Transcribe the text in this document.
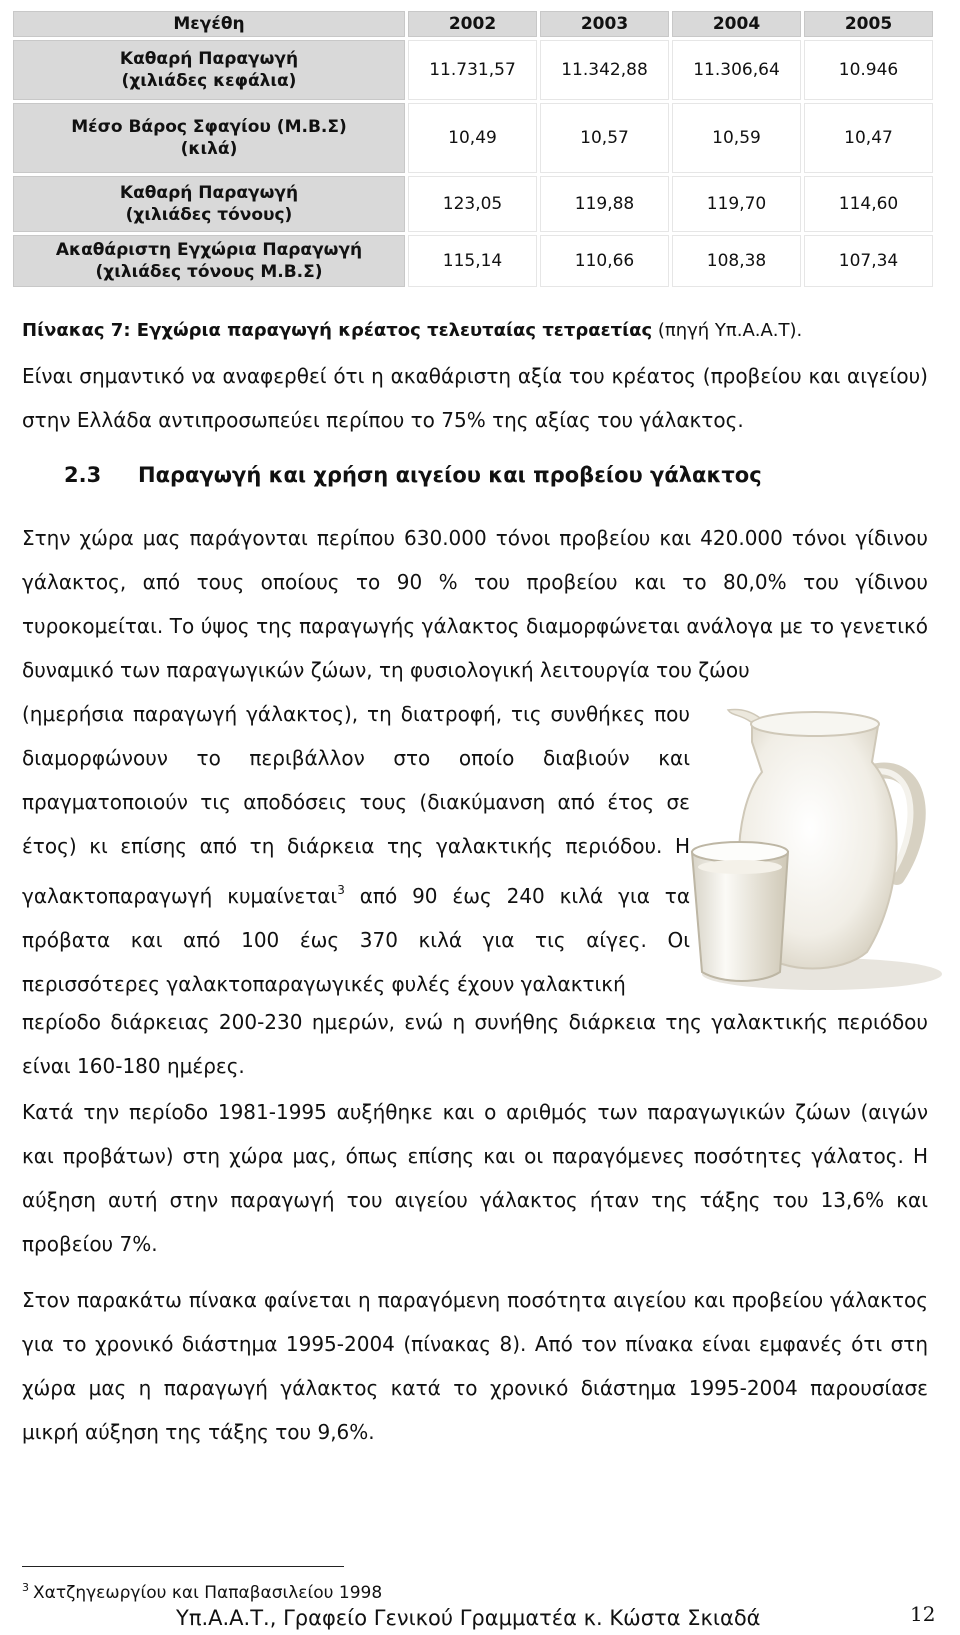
Μεγέθη	2002	2003	2004	2005

Καθαρή Παραγωγή
(χιλιάδες κεφάλια)	11.731,57	11.342,88	11.306,64	10.946

Μέσο Βάρος Σφαγίου (Μ.Β.Σ)
(κιλά)	10,49	10,57	10,59	10,47

Καθαρή Παραγωγή
(χιλιάδες τόνους)	123,05	119,88	119,70	114,60

Ακαθάριστη Εγχώρια Παραγωγή
(χιλιάδες τόνους Μ.Β.Σ)	115,14	110,66	108,38	107,34
Πίνακας 7: Εγχώρια παραγωγή κρέατος τελευταίας τετραετίας (πηγή Υπ.Α.Α.Τ).

Είναι σημαντικό να αναφερθεί ότι η ακαθάριστη αξία του κρέατος (προβείου και αιγείου) στην Ελλάδα αντιπροσωπεύει περίπου το 75% της αξίας του γάλακτος.

2.3 Παραγωγή και χρήση αιγείου και προβείου γάλακτος

Στην χώρα μας παράγονται περίπου 630.000 τόνοι προβείου και 420.000 τόνοι γίδινου γάλακτος, από τους οποίους το 90 % του προβείου και το 80,0% του γίδινου τυροκομείται. Το ύψος της παραγωγής γάλακτος διαμορφώνεται ανάλογα με το γενετικό δυναμικό των παραγωγικών ζώων, τη φυσιολογική λειτουργία του ζώου

(ημερήσια παραγωγή γάλακτος), τη διατροφή, τις συνθήκες που διαμορφώνουν το περιβάλλον στο οποίο διαβιούν και πραγματοποιούν τις αποδόσεις τους (διακύμανση από έτος σε έτος) κι επίσης από τη διάρκεια της γαλακτικής περιόδου. Η γαλακτοπαραγωγή κυμαίνεται$^3$ από 90 έως 240 κιλά για τα πρόβατα και από 100 έως 370 κιλά για τις αίγες. Οι περισσότερες γαλακτοπαραγωγικές φυλές έχουν γαλακτική

περίοδο διάρκειας 200-230 ημερών, ενώ η συνήθης διάρκεια της γαλακτικής περιόδου είναι 160-180 ημέρες.

Κατά την περίοδο 1981-1995 αυξήθηκε και ο αριθμός των παραγωγικών ζώων (αιγών και προβάτων) στη χώρα μας, όπως επίσης και οι παραγόμενες ποσότητες γάλατος. Η αύξηση αυτή στην παραγωγή του αιγείου γάλακτος ήταν της τάξης του 13,6% και προβείου 7%.

Στον παρακάτω πίνακα φαίνεται η παραγόμενη ποσότητα αιγείου και προβείου γάλακτος για το χρονικό διάστημα 1995-2004 (πίνακας 8). Από τον πίνακα είναι εμφανές ότι στη χώρα μας η παραγωγή γάλακτος κατά το χρονικό διάστημα 1995-2004 παρουσίασε μικρή αύξηση της τάξης του 9,6%.

$^3$ Χατζηγεωργίου και Παπαβασιλείου 1998
Υπ.Α.Α.Τ., Γραφείο Γενικού Γραμματέα κ. Κώστα Σκιαδά	12
